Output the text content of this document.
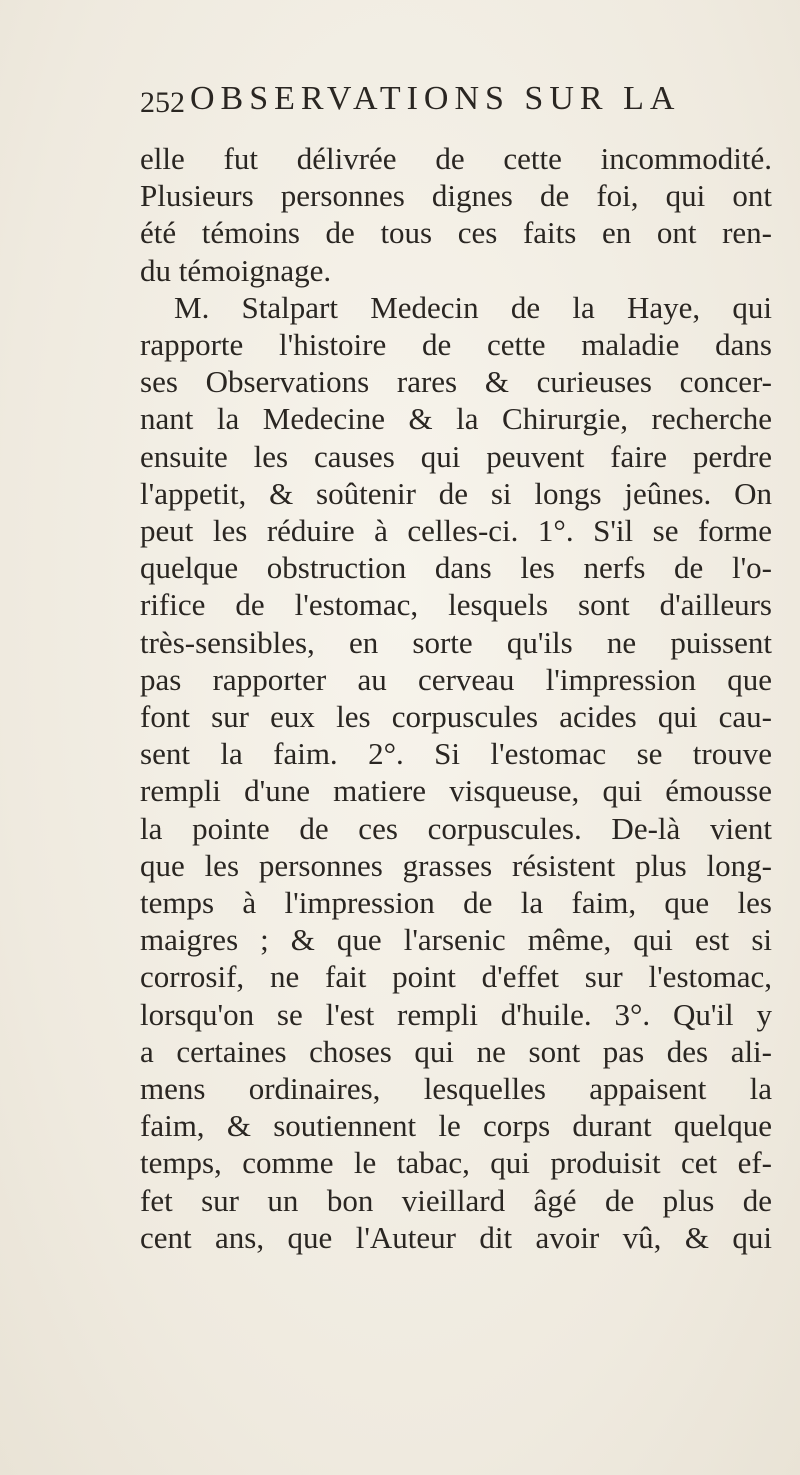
252 OBSERVATIONS SUR LA
elle fut délivrée de cette incommodité.
Plusieurs personnes dignes de foi, qui ont
été témoins de tous ces faits en ont ren-
du témoignage.
M. Stalpart Medecin de la Haye, qui
rapporte l'histoire de cette maladie dans
ses Observations rares & curieuses concer-
nant la Medecine & la Chirurgie, recherche
ensuite les causes qui peuvent faire perdre
l'appetit, & soûtenir de si longs jeûnes. On
peut les réduire à celles-ci. 1°. S'il se forme
quelque obstruction dans les nerfs de l'o-
rifice de l'estomac, lesquels sont d'ailleurs
très-sensibles, en sorte qu'ils ne puissent
pas rapporter au cerveau l'impression que
font sur eux les corpuscules acides qui cau-
sent la faim. 2°. Si l'estomac se trouve
rempli d'une matiere visqueuse, qui émousse
la pointe de ces corpuscules. De-là vient
que les personnes grasses résistent plus long-
temps à l'impression de la faim, que les
maigres ; & que l'arsenic même, qui est si
corrosif, ne fait point d'effet sur l'estomac,
lorsqu'on se l'est rempli d'huile. 3°. Qu'il y
a certaines choses qui ne sont pas des ali-
mens ordinaires, lesquelles appaisent la
faim, & soutiennent le corps durant quelque
temps, comme le tabac, qui produisit cet ef-
fet sur un bon vieillard âgé de plus de
cent ans, que l'Auteur dit avoir vû, & qui
